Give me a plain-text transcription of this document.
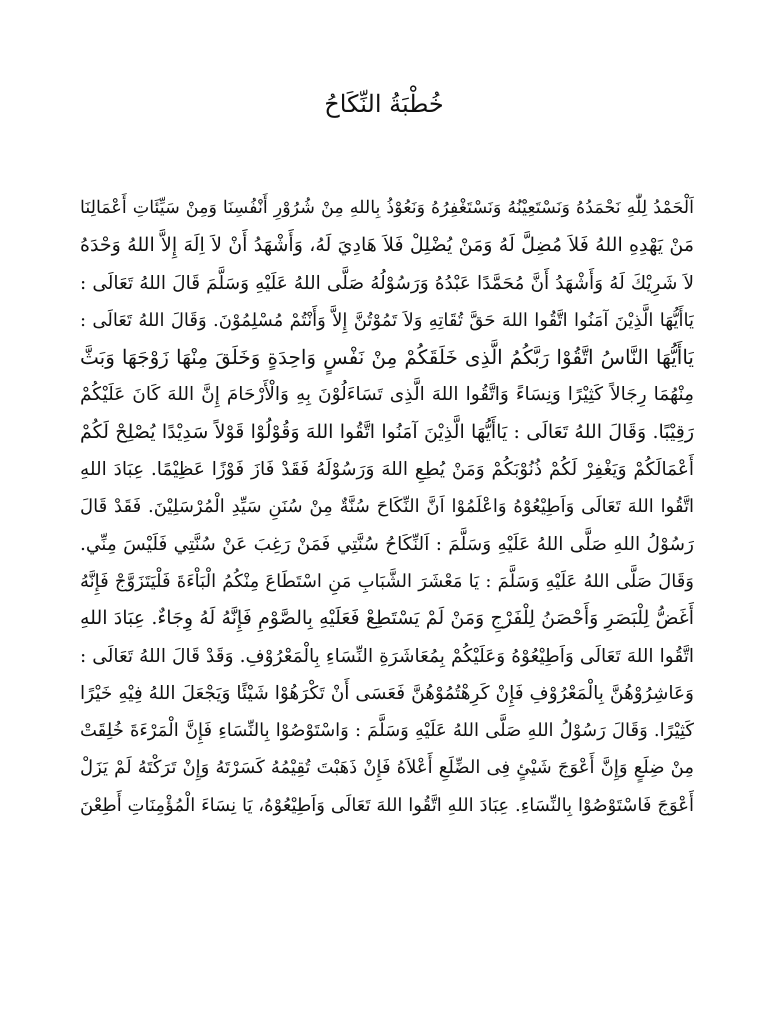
خُطْبَةُ النِّكَاحُ
اَلْحَمْدُ لِلّٰهِ نَحْمَدُهُ وَنَسْتَعِيْنُهُ وَنَسْتَغْفِرُهُ وَنَعُوْذُ بِاللهِ مِنْ شُرُوْرِ أَنْفُسِنَا وَمِنْ سَيِّئَاتِ أَعْمَالِنَا
مَنْ يَهْدِهِ اللهُ فَلاَ مُضِلَّ لَهُ وَمَنْ يُضْلِلْ فَلاَ هَادِيَ لَهُ، وَأَشْهَدُ أَنْ لاَ اِلَهَ إِلاَّ اللهُ وَحْدَهُ
لاَ شَرِيْكَ لَهُ وَأَشْهَدُ أَنَّ مُحَمَّدًا عَبْدُهُ وَرَسُوْلُهُ صَلَّى اللهُ عَلَيْهِ وَسَلَّمَ قَالَ اللهُ تَعَالَى :
يَاأَيُّهَا الَّذِيْنَ آمَنُوا اتَّقُوا اللهَ حَقَّ تُقَاتِهِ وَلاَ تَمُوْتُنَّ إِلاَّ وَأَنْتُمْ مُسْلِمُوْنَ. وَقَالَ اللهُ تَعَالَى :
يَاأَيُّهَا النَّاسُ اتَّقُوْا رَبَّكُمُ الَّذِى خَلَقَكُمْ مِنْ نَفْسٍ وَاحِدَةٍ وَخَلَقَ مِنْهَا زَوْجَهَا وَبَثَّ
مِنْهُمَا رِجَالاً كَثِيْرًا وَنِسَاءً وَاتَّقُوا اللهَ الَّذِى تَسَاءَلُوْنَ بِهِ وَالْأَرْحَامَ إِنَّ اللهَ كَانَ عَلَيْكُمْ
رَقِيْبًا. وَقَالَ اللهُ تَعَالَى : يَاأَيُّهَا الَّذِيْنَ آمَنُوا اتَّقُوا اللهَ وَقُوْلُوْا قَوْلاً سَدِيْدًا يُصْلِحْ لَكُمْ
أَعْمَالَكُمْ وَيَغْفِرْ لَكُمْ ذُنُوْبَكُمْ وَمَنْ يُطِعِ اللهَ وَرَسُوْلَهُ فَقَدْ فَازَ فَوْزًا عَظِيْمًا. عِبَادَ اللهِ
اتَّقُوا اللهَ تَعَالَى وَاَطِيْعُوْهُ وَاعْلَمُوْا اَنَّ النِّكَاحَ سُنَّةٌ مِنْ سُنَنِ سَيِّدِ الْمُرْسَلِيْنَ. فَقَدْ قَالَ
رَسُوْلُ اللهِ صَلَّى اللهُ عَلَيْهِ وَسَلَّمَ : اَلنِّكَاحُ سُنَّتِي فَمَنْ رَغِبَ عَنْ سُنَّتِي فَلَيْسَ مِنِّي.
وَقَالَ صَلَّى اللهُ عَلَيْهِ وَسَلَّمَ : يَا مَعْشَرَ الشَّبَابِ مَنِ اسْتَطَاعَ مِنْكُمُ الْبَاْءَةَ فَلْيَتَزَوَّجْ فَإِنَّهُ
أَغَضُّ لِلْبَصَرِ وَأَحْصَنُ لِلْفَرْجِ وَمَنْ لَمْ يَسْتَطِعْ فَعَلَيْهِ بِالصَّوْمِ فَإِنَّهُ لَهُ وِجَاءٌ. عِبَادَ اللهِ
اتَّقُوا اللهَ تَعَالَى وَاَطِيْعُوْهُ وَعَلَيْكُمْ بِمُعَاشَرَةِ النِّسَاءِ بِالْمَعْرُوْفِ. وَقَدْ قَالَ اللهُ تَعَالَى :
وَعَاشِرُوْهُنَّ بِالْمَعْرُوْفِ فَإِنْ كَرِهْتُمُوْهُنَّ فَعَسَى أَنْ تَكْرَهُوْا شَيْئًا وَيَجْعَلَ اللهُ فِيْهِ خَيْرًا
كَثِيْرًا. وَقَالَ رَسُوْلُ اللهِ صَلَّى اللهُ عَلَيْهِ وَسَلَّمَ : وَاسْتَوْصُوْا بِالنِّسَاءِ فَإِنَّ الْمَرْءَةَ خُلِقَتْ
مِنْ ضِلَعٍ وَإِنَّ أَعْوَجَ شَيْئٍ فِى الضِّلَعِ أَعْلاَهُ فَإِنْ ذَهَبْتَ تُقِيْمُهُ كَسَرْتَهُ وَإِنْ تَرَكْتَهُ لَمْ يَزَلْ
أَعْوَجَ فَاسْتَوْصُوْا بِالنِّسَاءِ. عِبَادَ اللهِ اتَّقُوا اللهَ تَعَالَى وَاَطِيْعُوْهُ، يَا نِسَاءَ الْمُؤْمِنَاتِ أَطِعْنَ
